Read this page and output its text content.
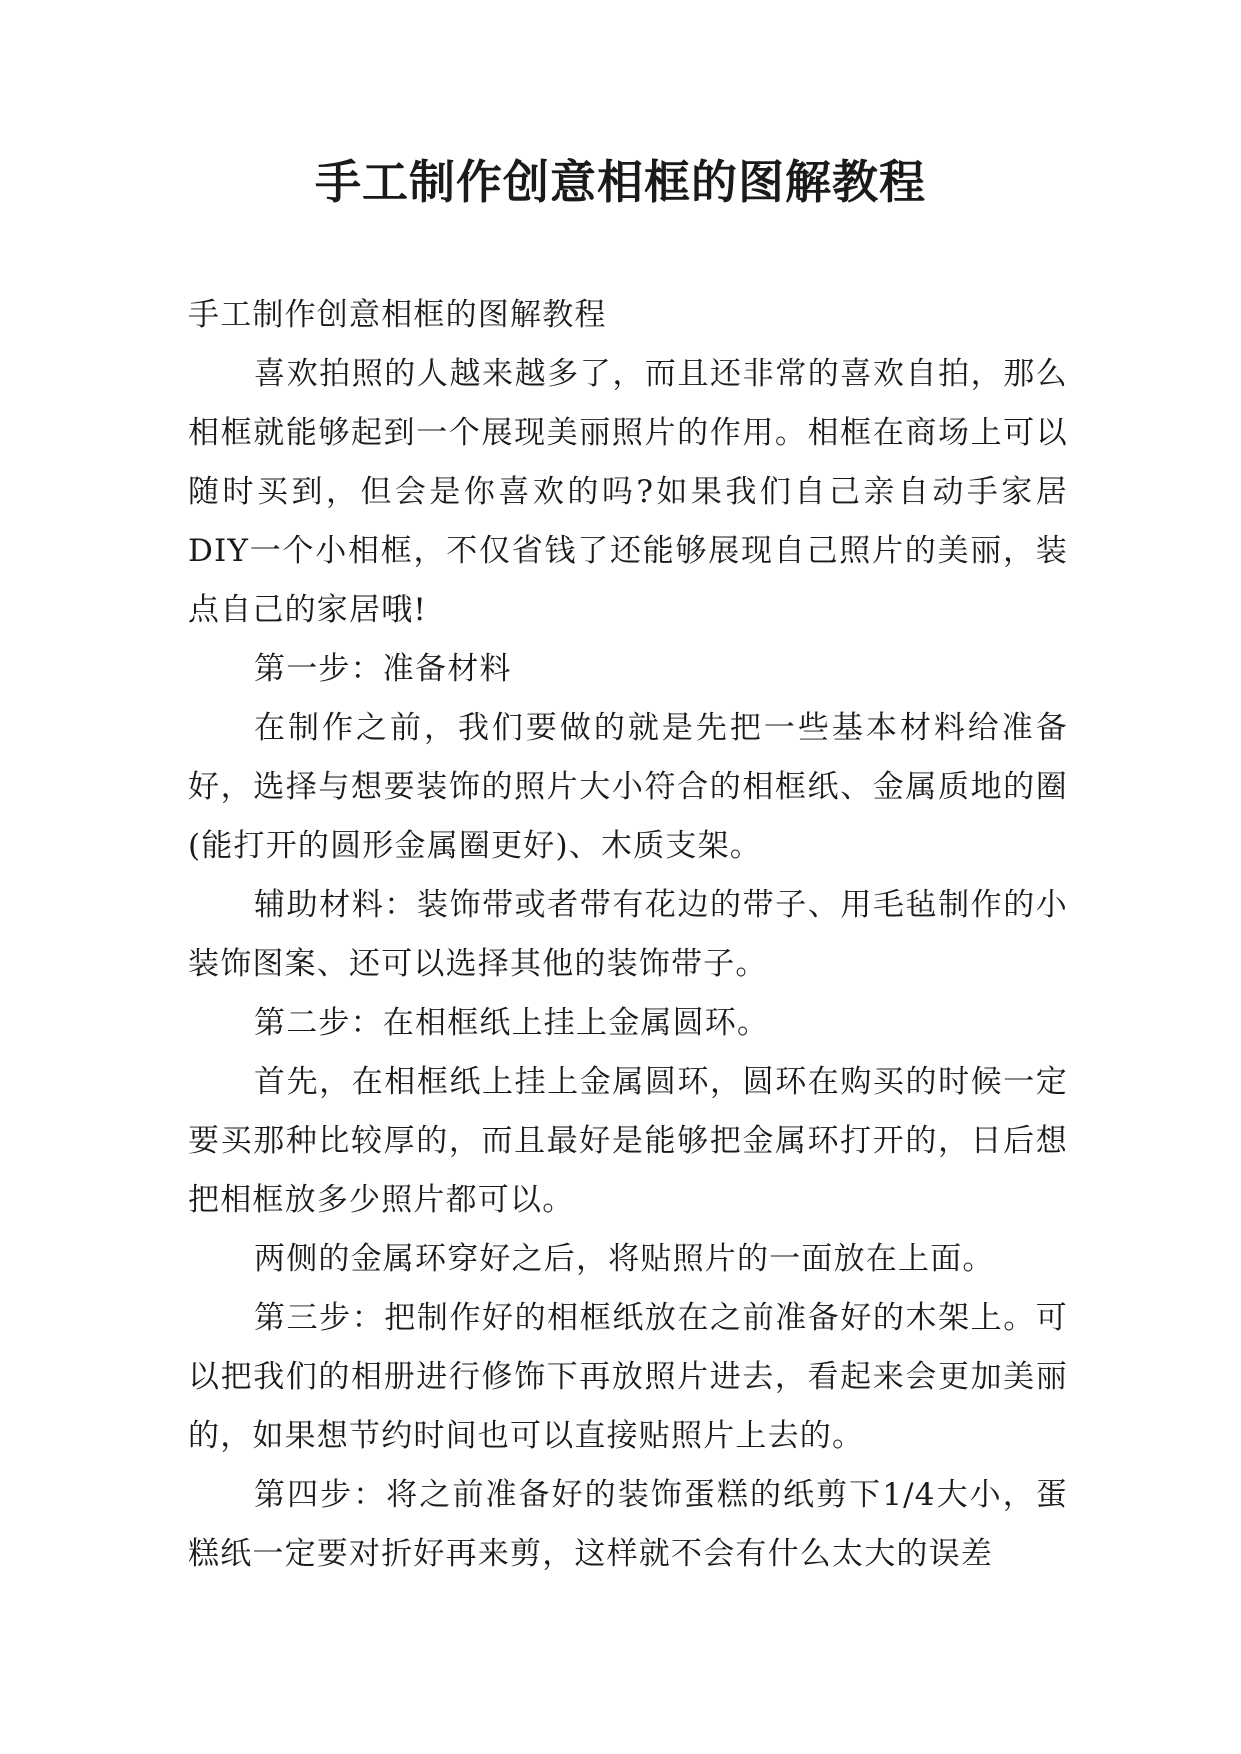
手工制作创意相框的图解教程

手工制作创意相框的图解教程

喜欢拍照的人越来越多了，而且还非常的喜欢自拍，那么相框就能够起到一个展现美丽照片的作用。相框在商场上可以随时买到，但会是你喜欢的吗?如果我们自己亲自动手家居DIY一个小相框，不仅省钱了还能够展现自己照片的美丽，装点自己的家居哦!

第一步：准备材料

在制作之前，我们要做的就是先把一些基本材料给准备好，选择与想要装饰的照片大小符合的相框纸、金属质地的圈(能打开的圆形金属圈更好)、木质支架。

辅助材料：装饰带或者带有花边的带子、用毛毡制作的小装饰图案、还可以选择其他的装饰带子。

第二步：在相框纸上挂上金属圆环。

首先，在相框纸上挂上金属圆环，圆环在购买的时候一定要买那种比较厚的，而且最好是能够把金属环打开的，日后想把相框放多少照片都可以。

两侧的金属环穿好之后，将贴照片的一面放在上面。

第三步：把制作好的相框纸放在之前准备好的木架上。可以把我们的相册进行修饰下再放照片进去，看起来会更加美丽的，如果想节约时间也可以直接贴照片上去的。

第四步：将之前准备好的装饰蛋糕的纸剪下1/4大小，蛋糕纸一定要对折好再来剪，这样就不会有什么太大的误差
